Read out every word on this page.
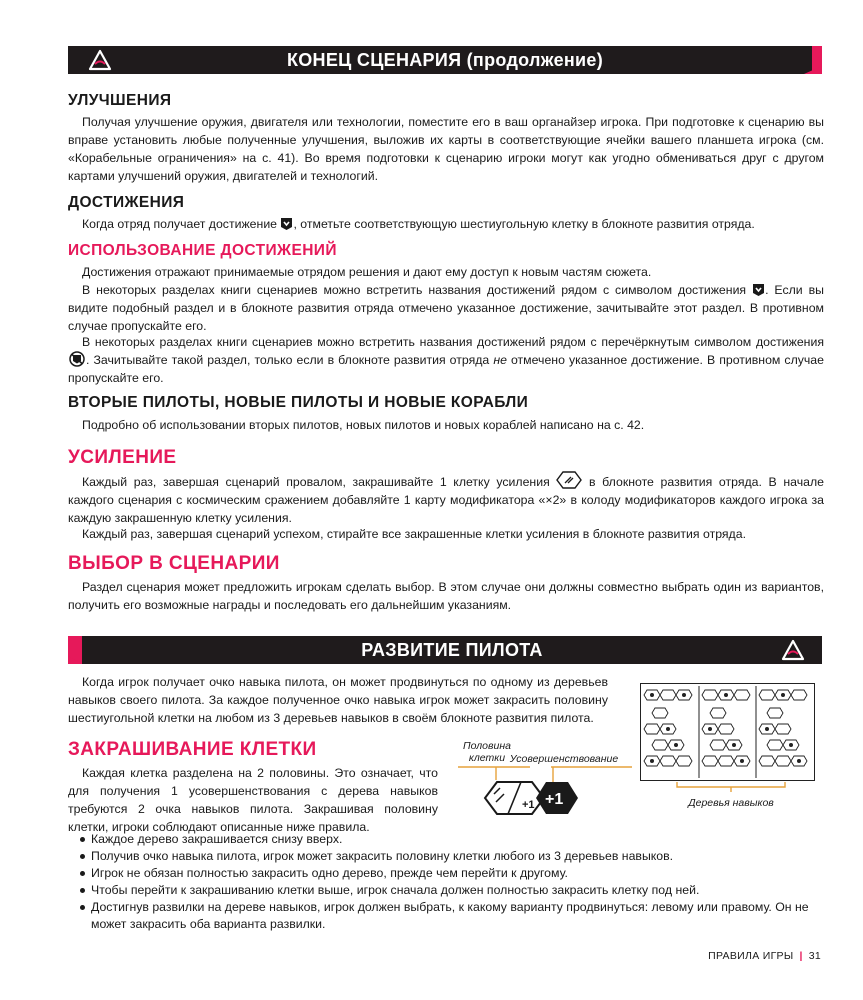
КОНЕЦ СЦЕНАРИЯ (продолжение)
УЛУЧШЕНИЯ

Получая улучшение оружия, двигателя или технологии, поместите его в ваш органайзер игрока. При подготовке к сценарию вы вправе установить любые полученные улучшения, выложив их карты в соответствующие ячейки вашего планшета игрока (см. «Корабельные ограничения» на с. 41). Во время подготовки к сценарию игроки могут как угодно обмениваться друг с другом картами улучшений оружия, двигателей и технологий.

ДОСТИЖЕНИЯ

Когда отряд получает достижение , отметьте соответствующую шестиугольную клетку в блокноте развития отряда.

ИСПОЛЬЗОВАНИЕ ДОСТИЖЕНИЙ

Достижения отражают принимаемые отрядом решения и дают ему доступ к новым частям сюжета.

В некоторых разделах книги сценариев можно встретить названия достижений рядом с символом достижения . Если вы видите подобный раздел и в блокноте развития отряда отмечено указанное достижение, зачитывайте этот раздел. В противном случае пропускайте его.

В некоторых разделах книги сценариев можно встретить названия достижений рядом с перечёркнутым символом достижения . Зачитывайте такой раздел, только если в блокноте развития отряда не отмечено указанное достижение. В противном случае пропускайте его.

ВТОРЫЕ ПИЛОТЫ, НОВЫЕ ПИЛОТЫ И НОВЫЕ КОРАБЛИ

Подробно об использовании вторых пилотов, новых пилотов и новых кораблей написано на с. 42.

УСИЛЕНИЕ

Каждый раз, завершая сценарий провалом, закрашивайте 1 клетку усиления	в блокноте развития отряда. В начале каждого сценария с космическим сражением добавляйте 1 карту модификатора «×2» в колоду модификаторов каждого игрока за каждую закрашенную клетку усиления.

Каждый раз, завершая сценарий успехом, стирайте все закрашенные клетки усиления в блокноте развития отряда.

ВЫБОР В СЦЕНАРИИ

Раздел сценария может предложить игрокам сделать выбор. В этом случае они должны совместно выбрать один из вариантов, получить его возможные награды и последовать его дальнейшим указаниям.

РАЗВИТИЕ ПИЛОТА

Когда игрок получает очко навыка пилота, он может продвинуться по одному из деревьев навыков своего пилота. За каждое полученное очко навыка игрок может закрасить половину шестиугольной клетки на любом из 3 деревьев навыков в своём блокноте развития пилота.

Деревья навыков
ЗАКРАШИВАНИЕ КЛЕТКИ

Каждая клетка разделена на 2 половины. Это означает, что для получения 1 усовершенствования с дерева навыков требуются 2 очка навыков пилота. Закрашивая половину клетки, игроки соблюдают описанные ниже правила.

Половина клетки Усовершенствование
+1 +1
Каждое дерево закрашивается снизу вверх.
Получив очко навыка пилота, игрок может закрасить половину клетки любого из 3 деревьев навыков.
Игрок не обязан полностью закрасить одно дерево, прежде чем перейти к другому.
Чтобы перейти к закрашиванию клетки выше, игрок сначала должен полностью закрасить клетку под ней.
Достигнув развилки на дереве навыков, игрок должен выбрать, к какому варианту продвинуться: левому или правому. Он не может закрасить оба варианта развилки.
ПРАВИЛА ИГРЫ | 31
